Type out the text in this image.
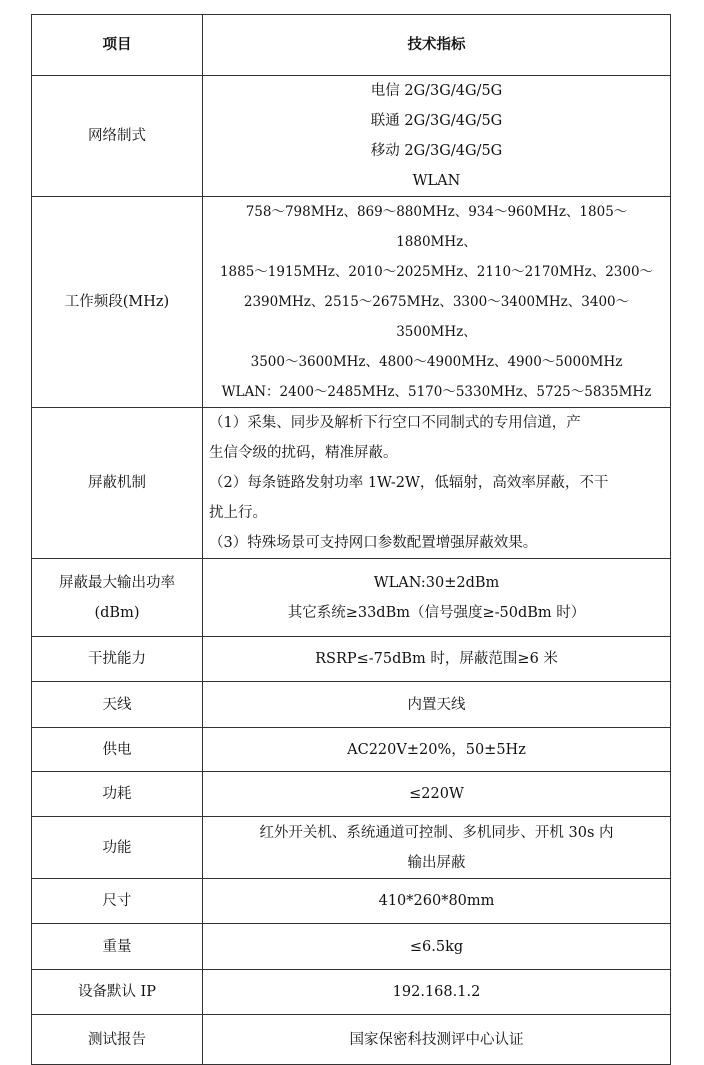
项目	技术指标
网络制式	电信 2G/3G/4G/5G
联通 2G/3G/4G/5G
移动 2G/3G/4G/5G
WLAN

工作频段(MHz)	758～798MHz、869～880MHz、934～960MHz、1805～1880MHz、
1885～1915MHz、2010～2025MHz、2110～2170MHz、2300～
2390MHz、2515～2675MHz、3300～3400MHz、3400～3500MHz、
3500～3600MHz、4800～4900MHz、4900～5000MHz
WLAN：2400～2485MHz、5170～5330MHz、5725～5835MHz

屏蔽机制	（1）采集、同步及解析下行空口不同制式的专用信道，产
生信令级的扰码，精准屏蔽。
（2）每条链路发射功率 1W-2W，低辐射，高效率屏蔽，不干
扰上行。
（3）特殊场景可支持网口参数配置增强屏蔽效果。

屏蔽最大输出功率
(dBm)	WLAN:30±2dBm
其它系统≥33dBm（信号强度≥-50dBm 时）

干扰能力	RSRP≤-75dBm 时，屏蔽范围≥6 米
天线	内置天线
供电	AC220V±20%，50±5Hz
功耗	≤220W
功能	红外开关机、系统通道可控制、多机同步、开机 30s 内
输出屏蔽

尺寸	410*260*80mm
重量	≤6.5kg
设备默认 IP	192.168.1.2
测试报告	国家保密科技测评中心认证
